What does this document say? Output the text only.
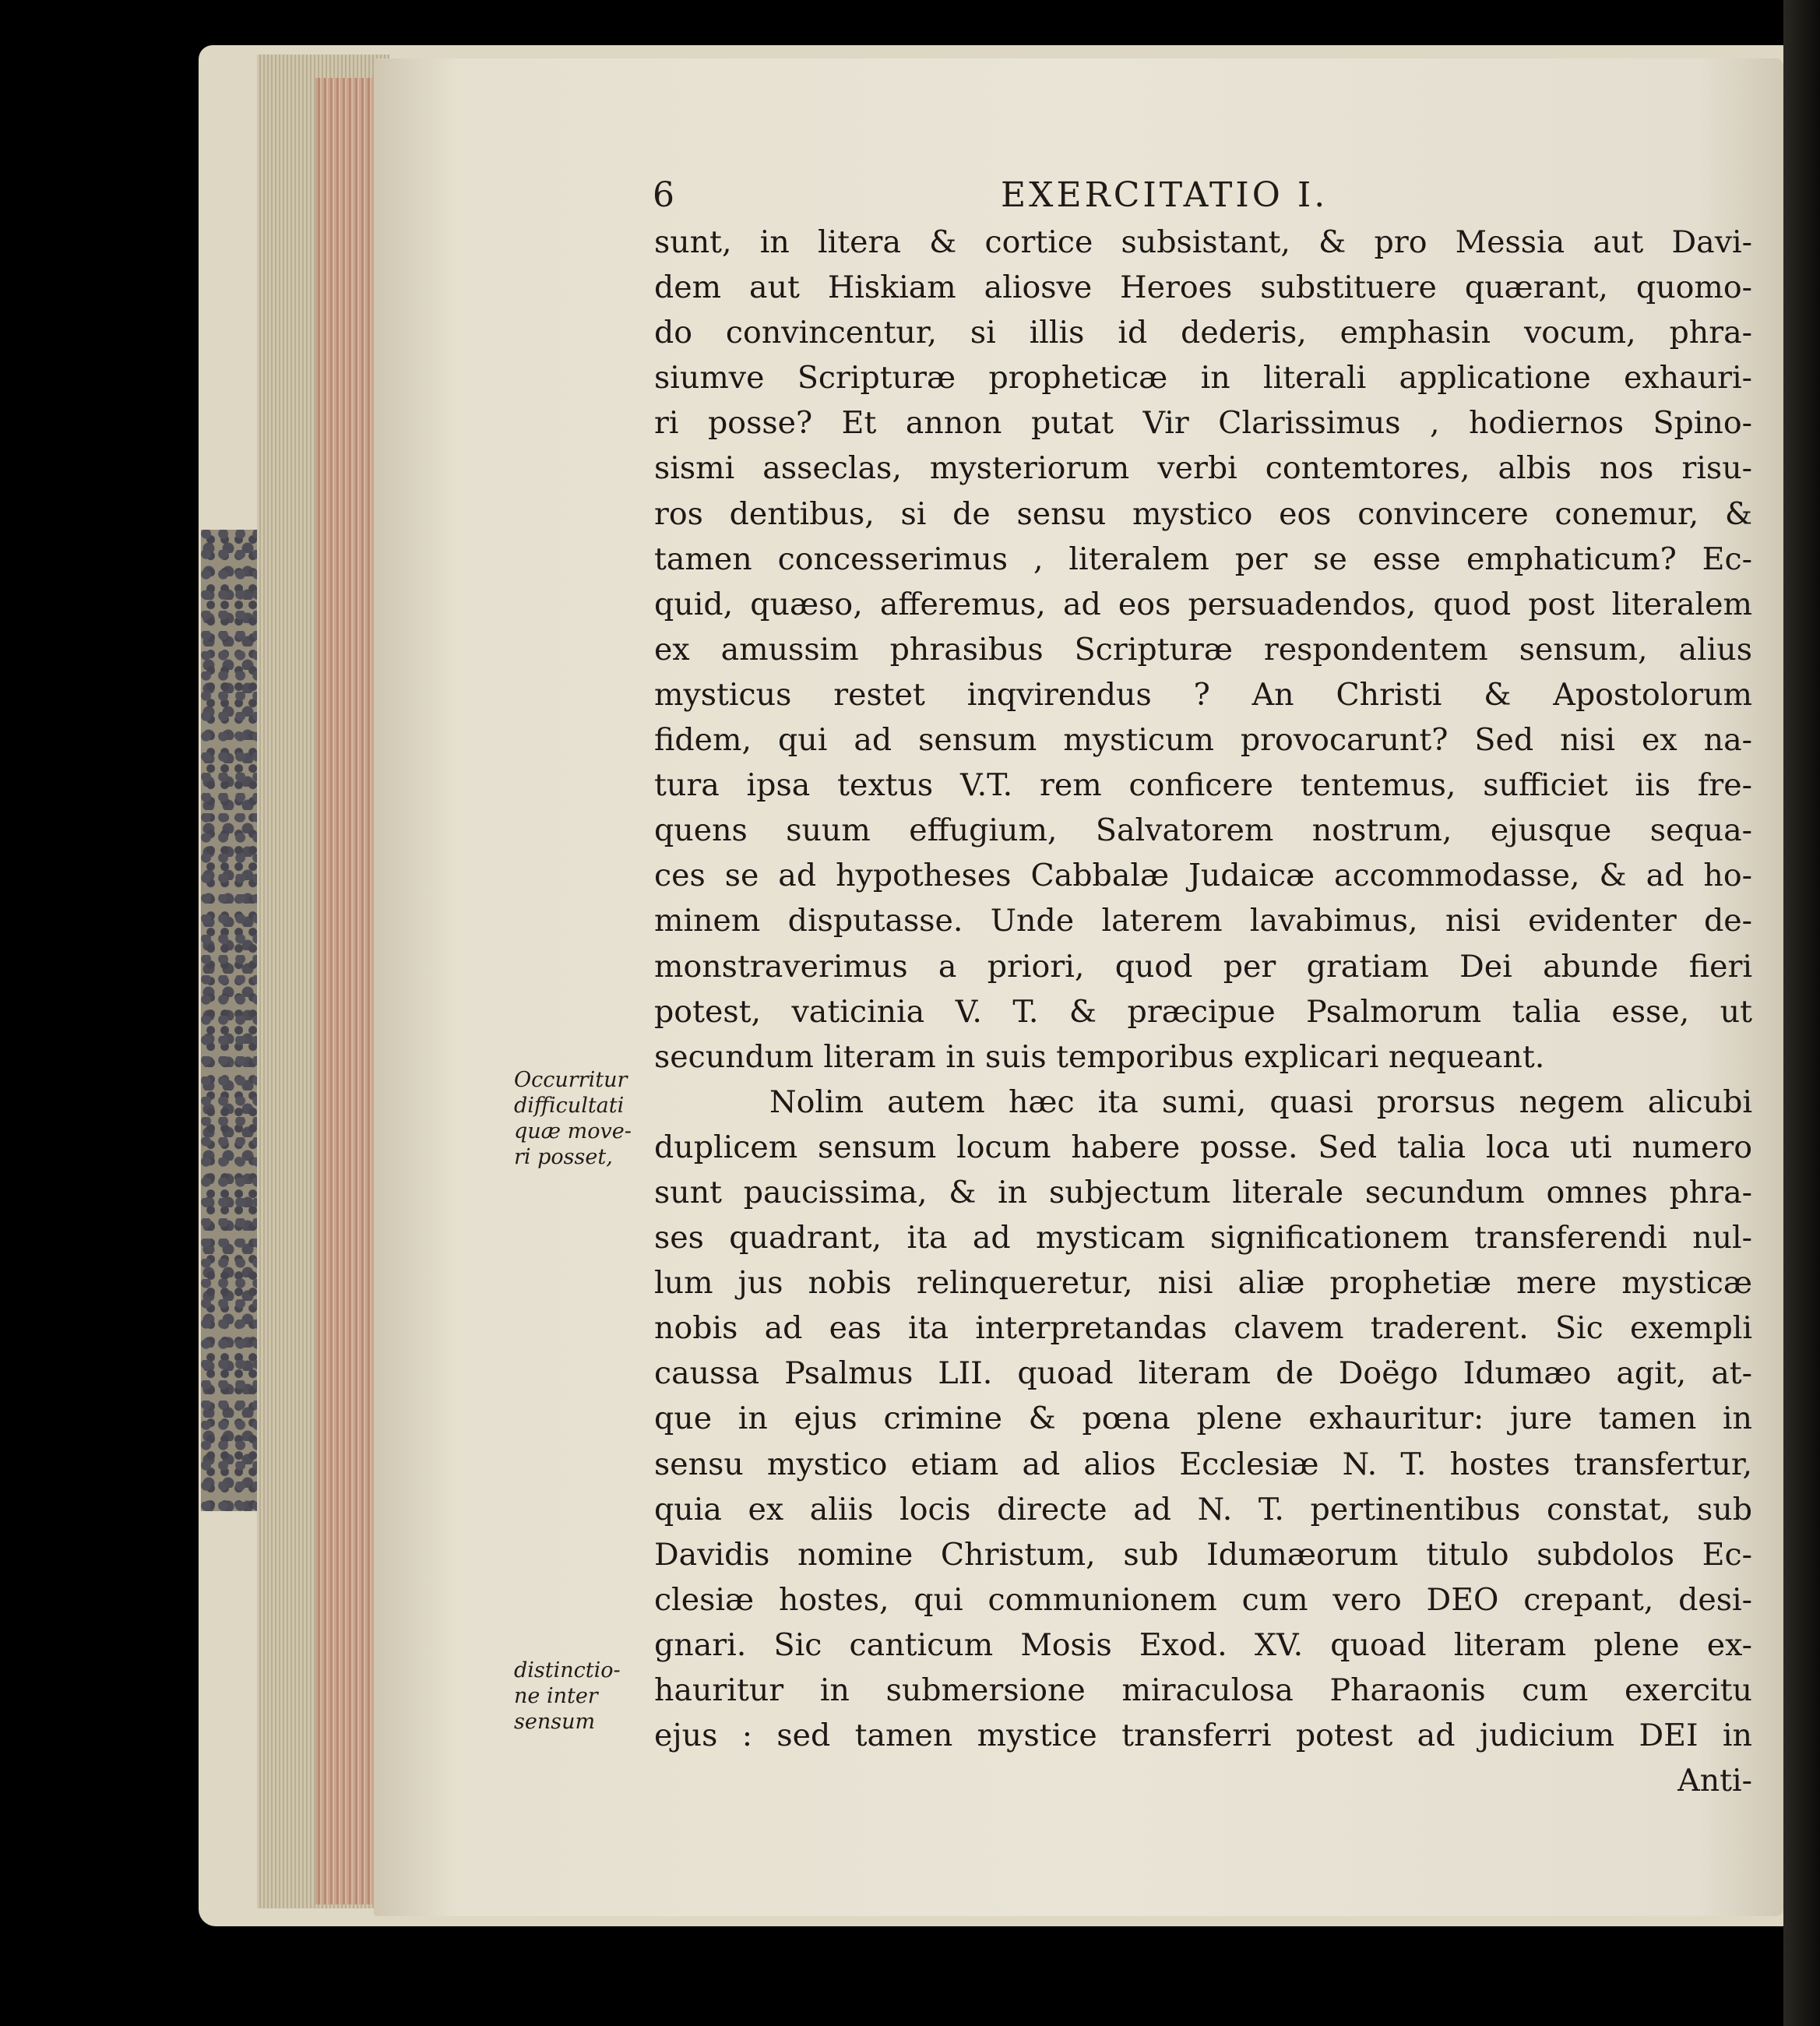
6	EXERCITATIO I.
sunt, in litera & cortice subsistant, & pro Messia aut Davi-
dem aut Hiskiam aliosve Heroes substituere quærant, quomo-
do convincentur, si illis id dederis, emphasin vocum, phra-
siumve Scripturæ propheticæ in literali applicatione exhauri-
ri posse? Et annon putat Vir Clarissimus , hodiernos Spino-
sismi asseclas, mysteriorum verbi contemtores, albis nos risu-
ros dentibus, si de sensu mystico eos convincere conemur, &
tamen concesserimus , literalem per se esse emphaticum? Ec-
quid, quæso, afferemus, ad eos persuadendos, quod post literalem
ex amussim phrasibus Scripturæ respondentem sensum, alius
mysticus restet inqvirendus ? An Christi & Apostolorum
fidem, qui ad sensum mysticum provocarunt? Sed nisi ex na-
tura ipsa textus V.T. rem conficere tentemus, sufficiet iis fre-
quens suum effugium, Salvatorem nostrum, ejusque sequa-
ces se ad hypotheses Cabbalæ Judaicæ accommodasse, & ad ho-
minem disputasse. Unde laterem lavabimus, nisi evidenter de-
monstraverimus a priori, quod per gratiam Dei abunde fieri
potest, vaticinia V. T. & præcipue Psalmorum talia esse, ut
secundum literam in suis temporibus explicari nequeant.
Nolim autem hæc ita sumi, quasi prorsus negem alicubi
duplicem sensum locum habere posse. Sed talia loca uti numero
sunt paucissima, & in subjectum literale secundum omnes phra-
ses quadrant, ita ad mysticam significationem transferendi nul-
lum jus nobis relinqueretur, nisi aliæ prophetiæ mere mysticæ
nobis ad eas ita interpretandas clavem traderent. Sic exempli
caussa Psalmus LII. quoad literam de Doëgo Idumæo agit, at-
que in ejus crimine & pœna plene exhauritur: jure tamen in
sensu mystico etiam ad alios Ecclesiæ N. T. hostes transfertur,
quia ex aliis locis directe ad N. T. pertinentibus constat, sub
Davidis nomine Christum, sub Idumæorum titulo subdolos Ec-
clesiæ hostes, qui communionem cum vero DEO crepant, desi-
gnari. Sic canticum Mosis Exod. XV. quoad literam plene ex-
hauritur in submersione miraculosa Pharaonis cum exercitu
ejus : sed tamen mystice transferri potest ad judicium DEI in
Anti-
Occurritur
difficultati
quæ move-
ri posset,
distinctio-
ne inter
sensum
